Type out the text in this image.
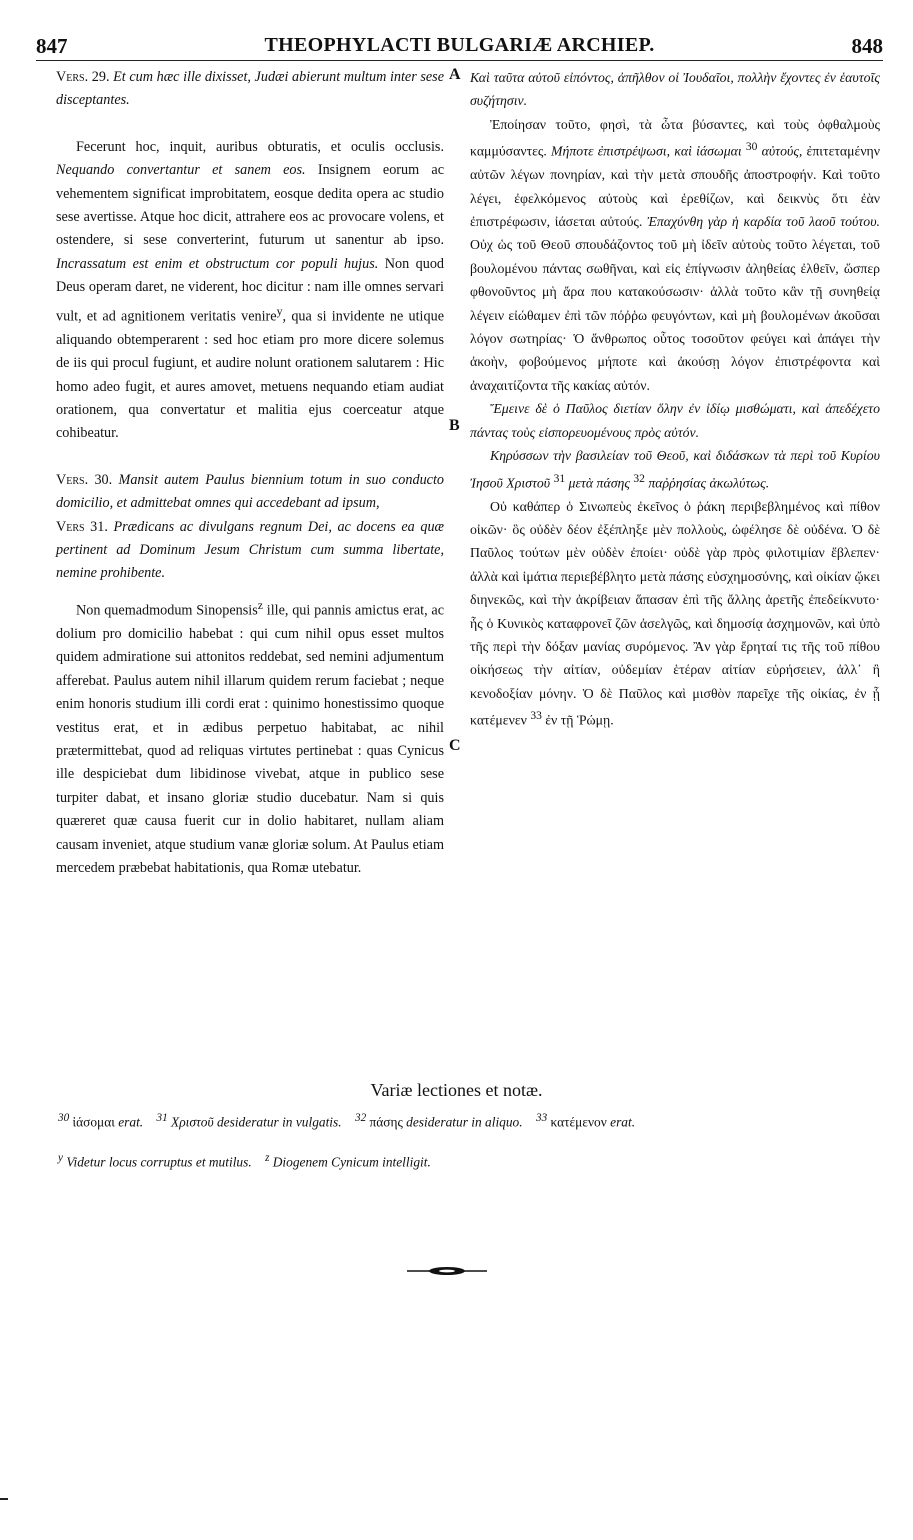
847	THEOPHYLACTI BULGARIÆ ARCHIEP.	848

Vers. 29. Et cum hæc ille dixisset, Judæi abierunt multum inter sese disceptantes.

Fecerunt hoc, inquit, auribus obturatis, et oculis occlusis. Nequando convertantur et sanem eos. Insignem eorum ac vehementem significat improbitatem, eosque dedita opera ac studio sese avertisse. Atque hoc dicit, attrahere eos ac provocare volens, et ostendere, si sese converterint, futurum ut sanentur ab ipso. Incrassatum est enim et obstructum cor populi hujus. Non quod Deus operam daret, ne viderent, hoc dicitur : nam ille omnes servari vult, et ad agnitionem veritatis venire$^y$, qua si invidente ne utique aliquando obtemperarent : sed hoc etiam pro more dicere solemus de iis qui procul fugiunt, et audire nolunt orationem salutarem : Hic homo adeo fugit, et aures amovet, metuens nequando etiam audiat orationem, qua convertatur et malitia ejus coerceatur atque cohibeatur.

Vers. 30. Mansit autem Paulus biennium totum in suo conducto domicilio, et admittebat omnes qui accedebant ad ipsum,

Vers 31. Prædicans ac divulgans regnum Dei, ac docens ea quæ pertinent ad Dominum Jesum Christum cum summa libertate, nemine prohibente.

Non quemadmodum Sinopensis$^z$ ille, qui pannis amictus erat, ac dolium pro domicilio habebat : qui cum nihil opus esset multos quidem admiratione sui attonitos reddebat, sed nemini adjumentum afferebat. Paulus autem nihil illarum quidem rerum faciebat ; neque enim honoris studium illi cordi erat : quinimo honestissimo quoque vestitus erat, et in ædibus perpetuo habitabat, ac nihil prætermittebat, quod ad reliquas virtutes pertinebat : quas Cynicus ille despiciebat dum libidinose vivebat, atque in publico sese turpiter dabat, et insano gloriæ studio ducebatur. Nam si quis quæreret quæ causa fuerit cur in dolio habitaret, nullam aliam causam inveniet, atque studium vanæ gloriæ solum. At Paulus etiam mercedem præbebat habitationis, qua Romæ utebatur.

A
B
C

Καὶ ταῦτα αὐτοῦ εἰπόντος, ἀπῆλθον οἱ Ἰουδαῖοι, πολλὴν ἔχοντες ἐν ἑαυτοῖς συζήτησιν.

Ἐποίησαν τοῦτο, φησὶ, τὰ ὦτα βύσαντες, καὶ τοὺς ὀφθαλμοὺς καμμύσαντες. Μήποτε ἐπιστρέψωσι, καὶ ἰάσωμαι $^{30}$ αὐτούς, ἐπιτεταμένην αὐτῶν λέγων πονηρίαν, καὶ τὴν μετὰ σπουδῆς ἀποστροφήν. Καὶ τοῦτο λέγει, ἐφελκόμενος αὐτοὺς καὶ ἐρεθίζων, καὶ δεικνὺς ὅτι ἐὰν ἐπιστρέφωσιν, ἰάσεται αὐτούς. Ἐπαχύνθη γὰρ ἡ καρδία τοῦ λαοῦ τούτου. Οὐχ ὡς τοῦ Θεοῦ σπουδάζοντος τοῦ μὴ ἰδεῖν αὐτοὺς τοῦτο λέγεται, τοῦ βουλομένου πάντας σωθῆναι, καὶ εἰς ἐπίγνωσιν ἀληθείας ἐλθεῖν, ὥσπερ φθονοῦντος μὴ ἄρα που κατακούσωσιν· ἀλλὰ τοῦτο κἂν τῇ συνηθείᾳ λέγειν εἰώθαμεν ἐπὶ τῶν πόῤῥω φευγόντων, καὶ μὴ βουλομένων ἀκοῦσαι λόγον σωτηρίας· Ὁ ἄνθρωπος οὗτος τοσοῦτον φεύγει καὶ ἀπάγει τὴν ἀκοὴν, φοβούμενος μήποτε καὶ ἀκούσῃ λόγον ἐπιστρέφοντα καὶ ἀναχαιτίζοντα τῆς κακίας αὐτόν.

Ἔμεινε δὲ ὁ Παῦλος διετίαν ὅλην ἐν ἰδίῳ μισθώματι, καὶ ἀπεδέχετο πάντας τοὺς εἰσπορευομένους πρὸς αὐτόν.

Κηρύσσων τὴν βασιλείαν τοῦ Θεοῦ, καὶ διδάσκων τὰ περὶ τοῦ Κυρίου Ἰησοῦ Χριστοῦ $^{31}$ μετὰ πάσης $^{32}$ παῤῥησίας ἀκωλύτως.

Οὐ καθάπερ ὁ Σινωπεὺς ἐκεῖνος ὁ ῥάκη περιβεβλημένος καὶ πίθον οἰκῶν· ὃς οὐδὲν δέον ἐξέπληξε μὲν πολλοὺς, ὠφέλησε δὲ οὐδένα. Ὁ δὲ Παῦλος τούτων μὲν οὐδὲν ἐποίει· οὐδὲ γὰρ πρὸς φιλοτιμίαν ἔβλεπεν· ἀλλὰ καὶ ἱμάτια περιεβέβλητο μετὰ πάσης εὐσχημοσύνης, καὶ οἰκίαν ᾤκει διηνεκῶς, καὶ τὴν ἀκρίβειαν ἅπασαν ἐπὶ τῆς ἄλλης ἀρετῆς ἐπεδείκνυτο· ἧς ὁ Κυνικὸς καταφρονεῖ ζῶν ἀσελγῶς, καὶ δημοσίᾳ ἀσχημονῶν, καὶ ὑπὸ τῆς περὶ τὴν δόξαν μανίας συρόμενος. Ἂν γὰρ ἔρηταί τις τῆς τοῦ πίθου οἰκήσεως τὴν αἰτίαν, οὐδεμίαν ἑτέραν αἰτίαν εὑρήσειεν, ἀλλ᾽ ἢ κενοδοξίαν μόνην. Ὁ δὲ Παῦλος καὶ μισθὸν παρεῖχε τῆς οἰκίας, ἐν ᾗ κατέμενεν $^{33}$ ἐν τῇ Ῥώμῃ.

Variæ lectiones et notæ.

$^{30}$ ἰάσομαι erat. $^{31}$ Χριστοῦ desideratur in vulgatis. $^{32}$ πάσης desideratur in aliquo. $^{33}$ κατέμενον erat.

$^y$ Videtur locus corruptus et mutilus. $^z$ Diogenem Cynicum intelligit.
